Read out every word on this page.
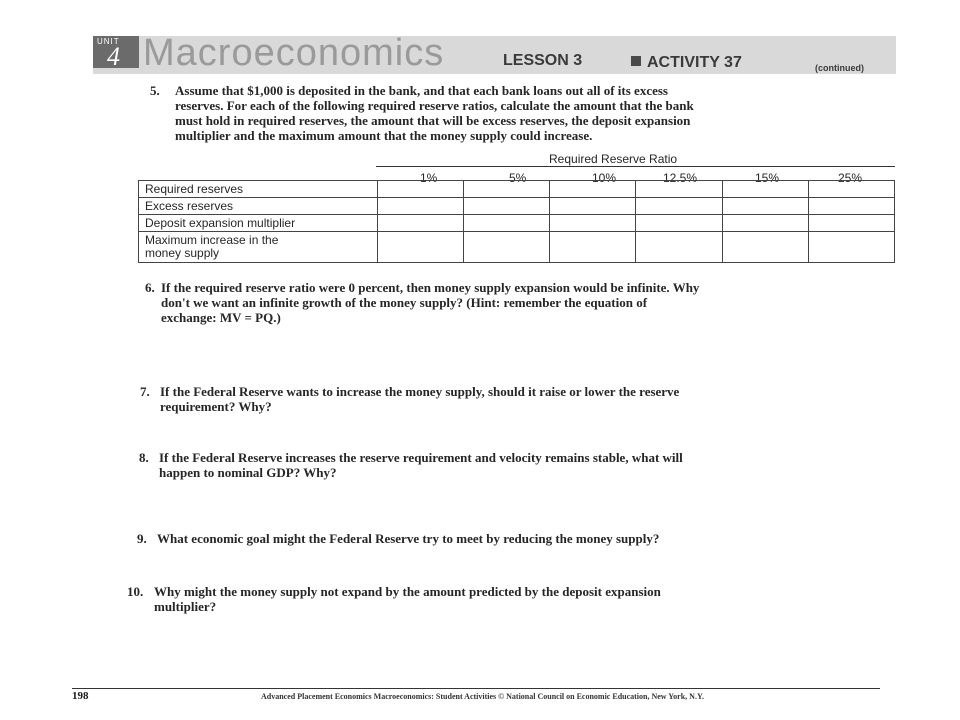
UNIT
4 Macroeconomics	LESSON 3	ACTIVITY 37	(continued)
5. Assume that $1,000 is deposited in the bank, and that each bank loans out all of its excess
reserves. For each of the following required reserve ratios, calculate the amount that the bank
must hold in required reserves, the amount that will be excess reserves, the deposit expansion
multiplier and the maximum amount that the money supply could increase.
Required Reserve Ratio
1%	5%	10%	12.5%	15%	25%
Required reserves						
Excess reserves						
Deposit expansion multiplier						
Maximum increase in the
money supply						
6. If the required reserve ratio were 0 percent, then money supply expansion would be infinite. Why
don't we want an infinite growth of the money supply? (Hint: remember the equation of
exchange: MV = PQ.)
7. If the Federal Reserve wants to increase the money supply, should it raise or lower the reserve
requirement? Why?
8. If the Federal Reserve increases the reserve requirement and velocity remains stable, what will
happen to nominal GDP? Why?
9. What economic goal might the Federal Reserve try to meet by reducing the money supply?
10. Why might the money supply not expand by the amount predicted by the deposit expansion
multiplier?
198	Advanced Placement Economics Macroeconomics: Student Activities © National Council on Economic Education, New York, N.Y.
